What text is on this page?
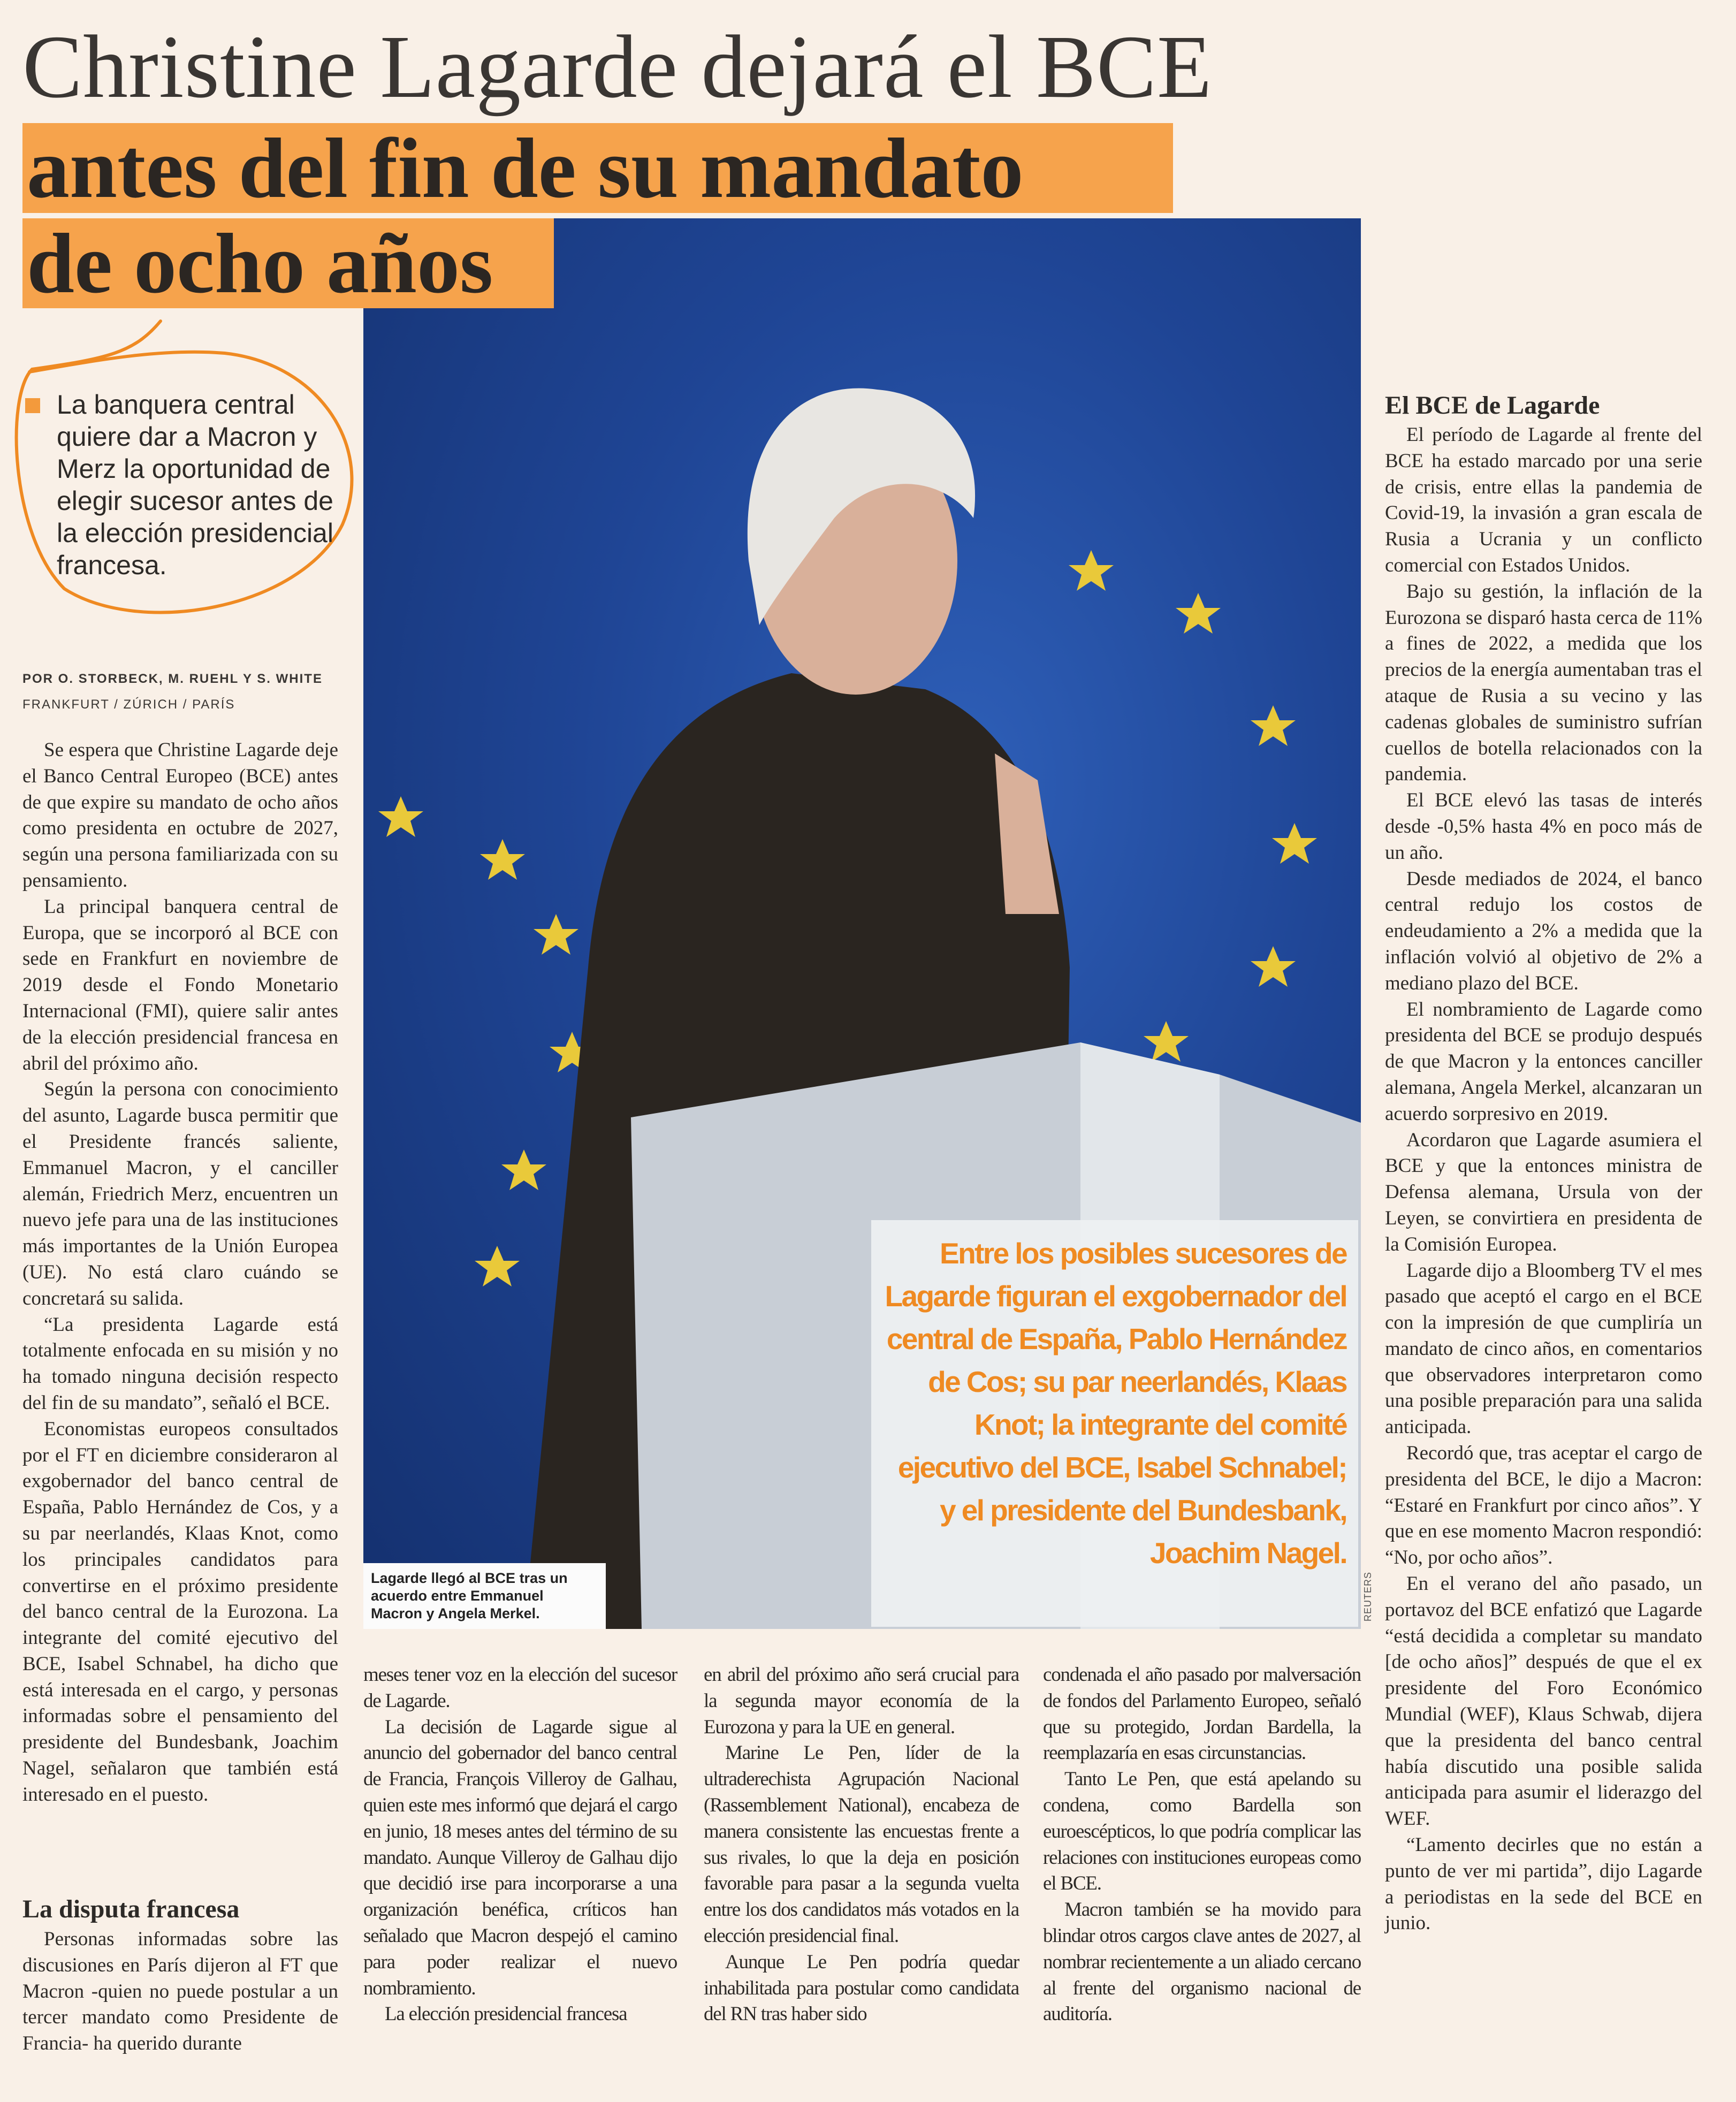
Christine Lagarde dejará el BCE
antes del fin de su mandato
de ocho años
La banquera central quiere dar a Macron y Merz la oportunidad de elegir sucesor antes de la elección presidencial francesa.
POR O. STORBECK, M. RUEHL Y S. WHITE
FRANKFURT / ZÚRICH / PARÍS

Se espera que Christine Lagarde deje el Banco Central Europeo (BCE) antes de que expire su mandato de ocho años como presidenta en octubre de 2027, según una persona familiarizada con su pensamiento.

La principal banquera central de Europa, que se incorporó al BCE con sede en Frankfurt en noviembre de 2019 desde el Fondo Monetario Internacional (FMI), quiere salir antes de la elección presidencial francesa en abril del próximo año.

Según la persona con conocimiento del asunto, Lagarde busca permitir que el Presidente francés saliente, Emmanuel Macron, y el canciller alemán, Friedrich Merz, encuentren un nuevo jefe para una de las instituciones más importantes de la Unión Europea (UE). No está claro cuándo se concretará su salida.

“La presidenta Lagarde está totalmente enfocada en su misión y no ha tomado ninguna decisión respecto del fin de su mandato”, señaló el BCE.

Economistas europeos consultados por el FT en diciembre consideraron al exgobernador del banco central de España, Pablo Hernández de Cos, y a su par neerlandés, Klaas Knot, como los principales candidatos para convertirse en el próximo presidente del banco central de la Eurozona. La integrante del comité ejecutivo del BCE, Isabel Schnabel, ha dicho que está interesada en el cargo, y personas informadas sobre el pensamiento del presidente del Bundesbank, Joachim Nagel, señalaron que también está interesado en el puesto.

La disputa francesa

Personas informadas sobre las discusiones en París dijeron al FT que Macron -quien no puede postular a un tercer mandato como Presidente de Francia- ha querido durante

Entre los posibles sucesores de Lagarde figuran el exgobernador del central de España, Pablo Hernández de Cos; su par neerlandés, Klaas Knot; la integrante del comité ejecutivo del BCE, Isabel Schnabel; y el presidente del Bundesbank, Joachim Nagel.
Lagarde llegó al BCE tras un acuerdo entre Emmanuel Macron y Angela Merkel.	REUTERS

meses tener voz en la elección del sucesor de Lagarde.

La decisión de Lagarde sigue al anuncio del gobernador del banco central de Francia, François Villeroy de Galhau, quien este mes informó que dejará el cargo en junio, 18 meses antes del término de su mandato. Aunque Villeroy de Galhau dijo que decidió irse para incorporarse a una organización benéfica, críticos han señalado que Macron despejó el camino para poder realizar el nuevo nombramiento.

La elección presidencial francesa

en abril del próximo año será crucial para la segunda mayor economía de la Eurozona y para la UE en general.

Marine Le Pen, líder de la ultraderechista Agrupación Nacional (Rassemblement National), encabeza de manera consistente las encuestas frente a sus rivales, lo que la deja en posición favorable para pasar a la segunda vuelta entre los dos candidatos más votados en la elección presidencial final.

Aunque Le Pen podría quedar inhabilitada para postular como candidata del RN tras haber sido

condenada el año pasado por malversación de fondos del Parlamento Europeo, señaló que su protegido, Jordan Bardella, la reemplazaría en esas circunstancias.

Tanto Le Pen, que está apelando su condena, como Bardella son euroescépticos, lo que podría complicar las relaciones con instituciones europeas como el BCE.

Macron también se ha movido para blindar otros cargos clave antes de 2027, al nombrar recientemente a un aliado cercano al frente del organismo nacional de auditoría.

El BCE de Lagarde

El período de Lagarde al frente del BCE ha estado marcado por una serie de crisis, entre ellas la pandemia de Covid-19, la invasión a gran escala de Rusia a Ucrania y un conflicto comercial con Estados Unidos.

Bajo su gestión, la inflación de la Eurozona se disparó hasta cerca de 11% a fines de 2022, a medida que los precios de la energía aumentaban tras el ataque de Rusia a su vecino y las cadenas globales de suministro sufrían cuellos de botella relacionados con la pandemia.

El BCE elevó las tasas de interés desde -0,5% hasta 4% en poco más de un año.

Desde mediados de 2024, el banco central redujo los costos de endeudamiento a 2% a medida que la inflación volvió al objetivo de 2% a mediano plazo del BCE.

El nombramiento de Lagarde como presidenta del BCE se produjo después de que Macron y la entonces canciller alemana, Angela Merkel, alcanzaran un acuerdo sorpresivo en 2019.

Acordaron que Lagarde asumiera el BCE y que la entonces ministra de Defensa alemana, Ursula von der Leyen, se convirtiera en presidenta de la Comisión Europea.

Lagarde dijo a Bloomberg TV el mes pasado que aceptó el cargo en el BCE con la impresión de que cumpliría un mandato de cinco años, en comentarios que observadores interpretaron como una posible preparación para una salida anticipada.

Recordó que, tras aceptar el cargo de presidenta del BCE, le dijo a Macron: “Estaré en Frankfurt por cinco años”. Y que en ese momento Macron respondió: “No, por ocho años”.

En el verano del año pasado, un portavoz del BCE enfatizó que Lagarde “está decidida a completar su mandato [de ocho años]” después de que el ex presidente del Foro Económico Mundial (WEF), Klaus Schwab, dijera que la presidenta del banco central había discutido una posible salida anticipada para asumir el liderazgo del WEF.

“Lamento decirles que no están a punto de ver mi partida”, dijo Lagarde a periodistas en la sede del BCE en junio.
